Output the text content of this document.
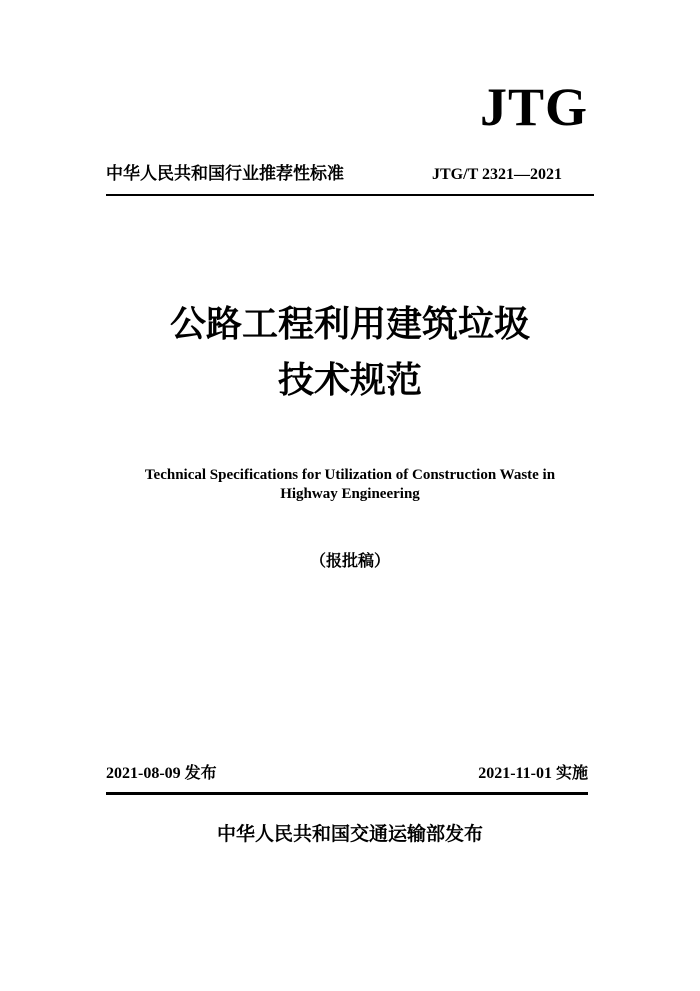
JTG
中华人民共和国行业推荐性标准	JTG/T 2321—2021
公路工程利用建筑垃圾
技术规范
Technical Specifications for Utilization of Construction Waste in
Highway Engineering
（报批稿）
2021-08-09 发布	2021-11-01 实施
中华人民共和国交通运输部发布
